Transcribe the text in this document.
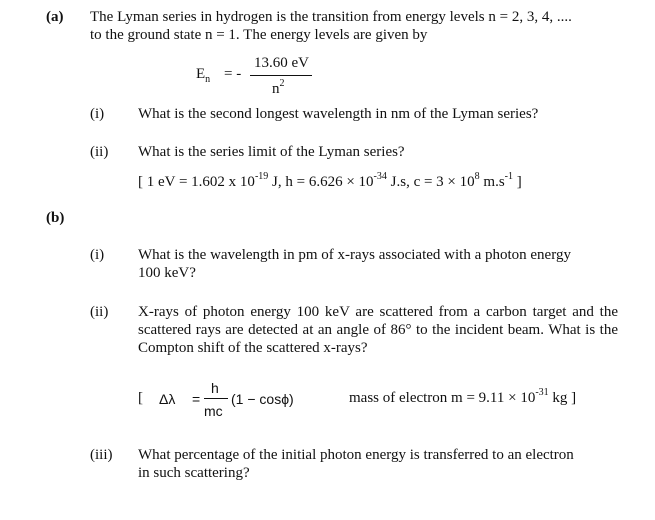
(a) The Lyman series in hydrogen is the transition from energy levels n = 2, 3, 4, ....
to the ground state n = 1. The energy levels are given by
$E_n$ = -
13.60 eV
$n^2$
(i) What is the second longest wavelength in nm of the Lyman series?
(ii) What is the series limit of the Lyman series?
[ 1 eV = 1.602 x $10^{-19}$ J, $h = 6.626 \times 10^{-34}$ J.s, $c = 3 \times 10^8$ $m.s^{-1}$ ]
(b)
(i) What is the wavelength in pm of x-rays associated with a photon energy
100 keV?
(ii) X-rays of photon energy 100 keV are scattered from a carbon target and the scattered rays are detected at an angle of 86° to the incident beam. What is the Compton shift of the scattered x-rays?
[ Δλ =
h
mc
(1 − cosϕ)	mass of electron $m = 9.11 \times 10^{-31}$ kg ]
(iii) What percentage of the initial photon energy is transferred to an electron
in such scattering?
